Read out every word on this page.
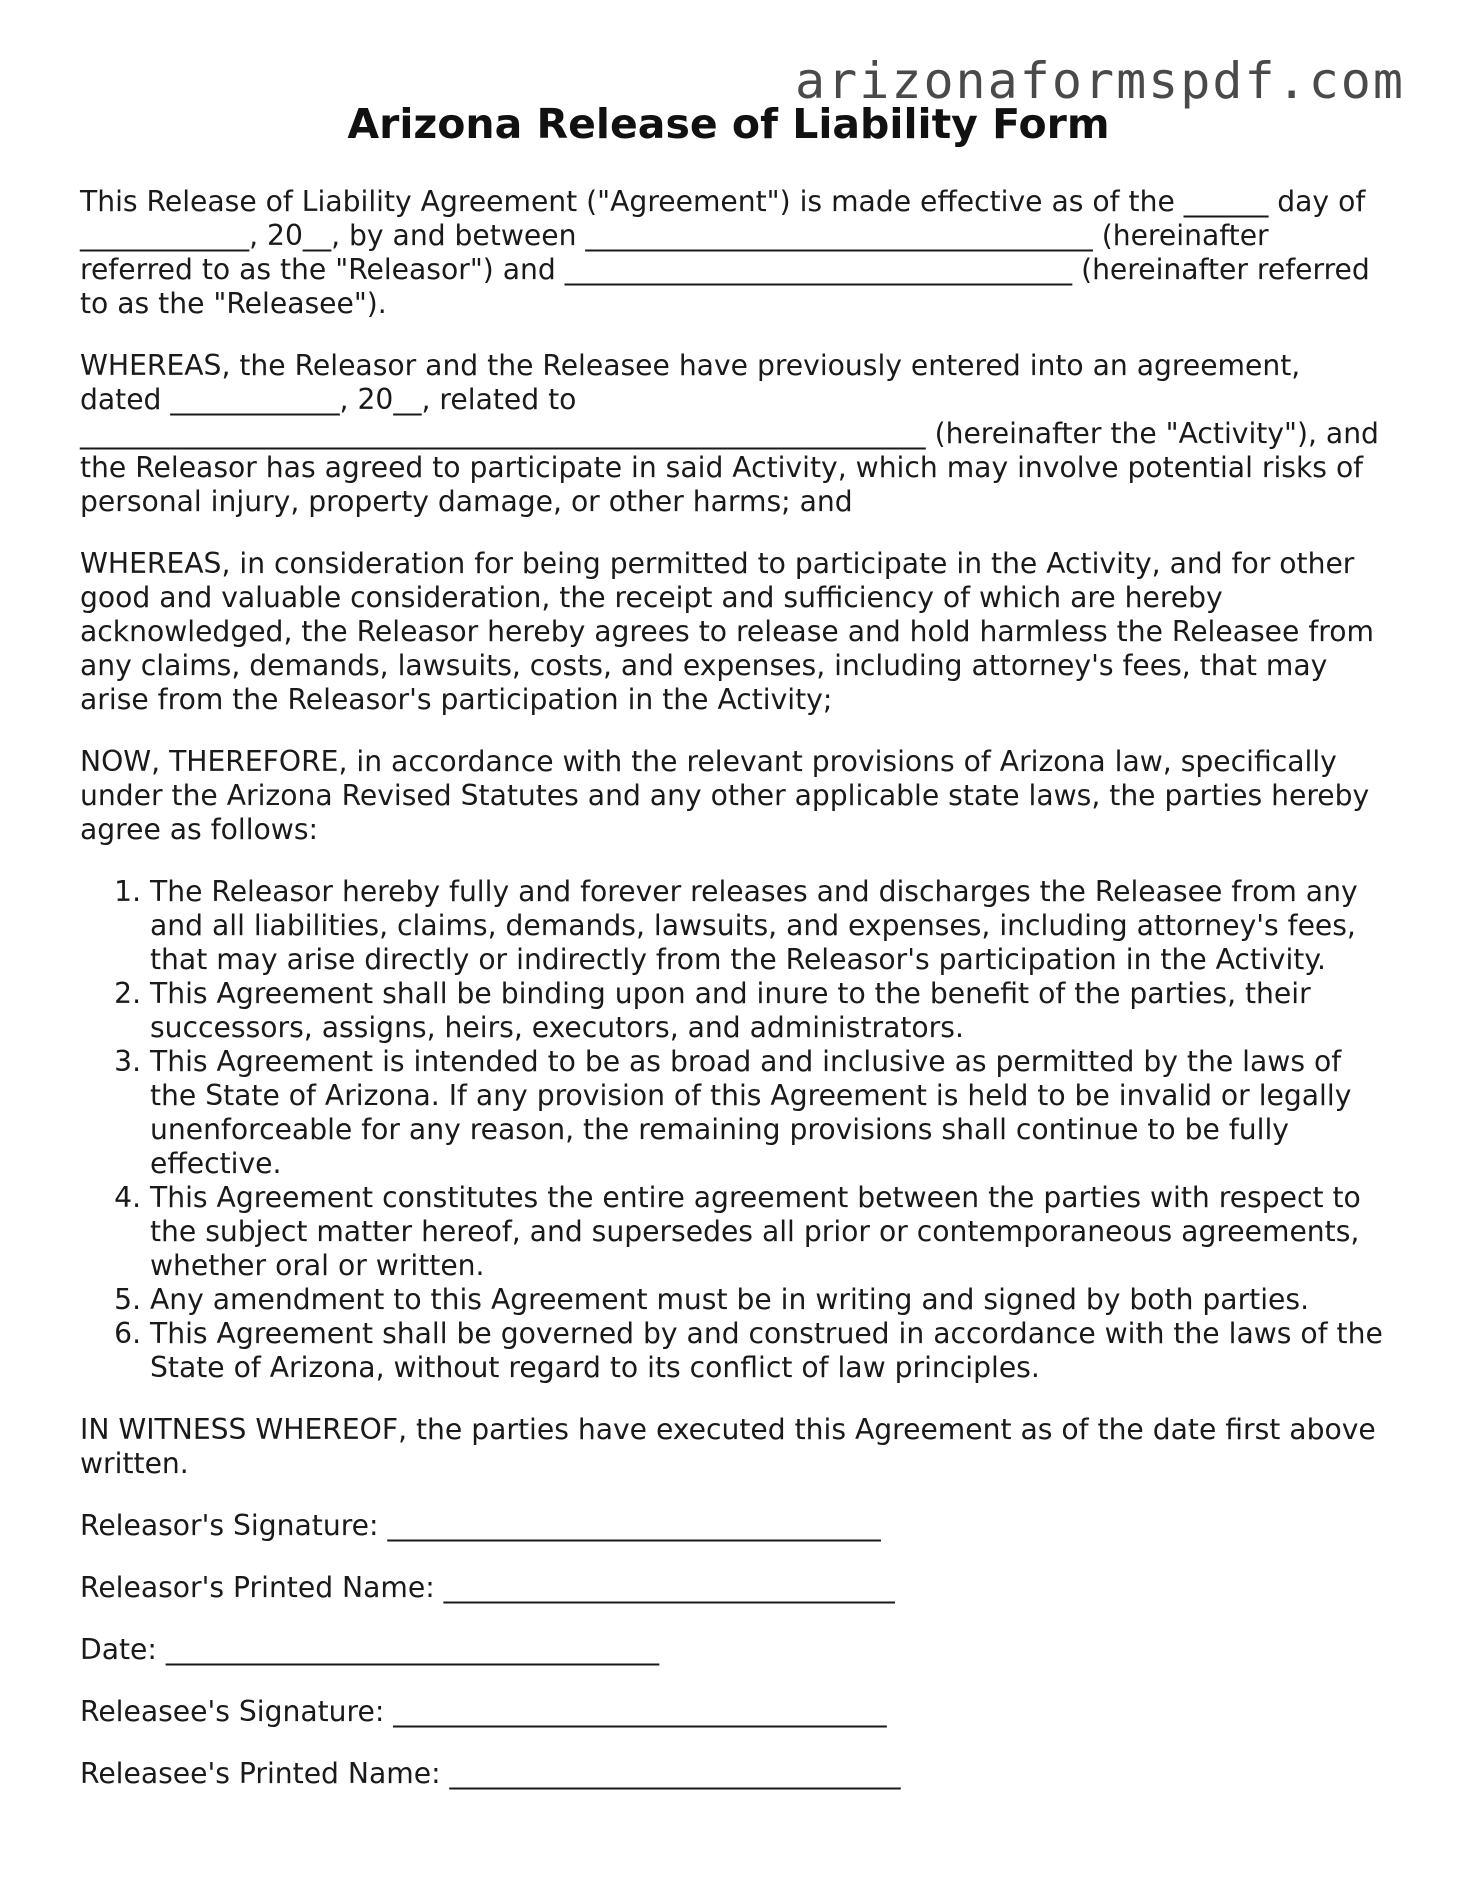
arizonaformspdf.com
Arizona Release of Liability Form

This Release of Liability Agreement ("Agreement") is made effective as of the ______ day of ____________, 20__, by and between ____________________________________ (hereinafter referred to as the "Releasor") and ____________________________________ (hereinafter referred to as the "Releasee").

WHEREAS, the Releasor and the Releasee have previously entered into an agreement, dated ____________, 20__, related to ____________________________________________________________ (hereinafter the "Activity"), and the Releasor has agreed to participate in said Activity, which may involve potential risks of personal injury, property damage, or other harms; and

WHEREAS, in consideration for being permitted to participate in the Activity, and for other good and valuable consideration, the receipt and sufficiency of which are hereby acknowledged, the Releasor hereby agrees to release and hold harmless the Releasee from any claims, demands, lawsuits, costs, and expenses, including attorney's fees, that may arise from the Releasor's participation in the Activity;

NOW, THEREFORE, in accordance with the relevant provisions of Arizona law, specifically under the Arizona Revised Statutes and any other applicable state laws, the parties hereby agree as follows:

1. The Releasor hereby fully and forever releases and discharges the Releasee from any and all liabilities, claims, demands, lawsuits, and expenses, including attorney's fees, that may arise directly or indirectly from the Releasor's participation in the Activity.
2. This Agreement shall be binding upon and inure to the benefit of the parties, their successors, assigns, heirs, executors, and administrators.
3. This Agreement is intended to be as broad and inclusive as permitted by the laws of the State of Arizona. If any provision of this Agreement is held to be invalid or legally unenforceable for any reason, the remaining provisions shall continue to be fully effective.
4. This Agreement constitutes the entire agreement between the parties with respect to the subject matter hereof, and supersedes all prior or contemporaneous agreements, whether oral or written.
5. Any amendment to this Agreement must be in writing and signed by both parties.
6. This Agreement shall be governed by and construed in accordance with the laws of the State of Arizona, without regard to its conflict of law principles.

IN WITNESS WHEREOF, the parties have executed this Agreement as of the date first above written.

Releasor's Signature: ___________________________________
Releasor's Printed Name: ________________________________
Date: ___________________________________
Releasee's Signature: ___________________________________
Releasee's Printed Name: ________________________________
